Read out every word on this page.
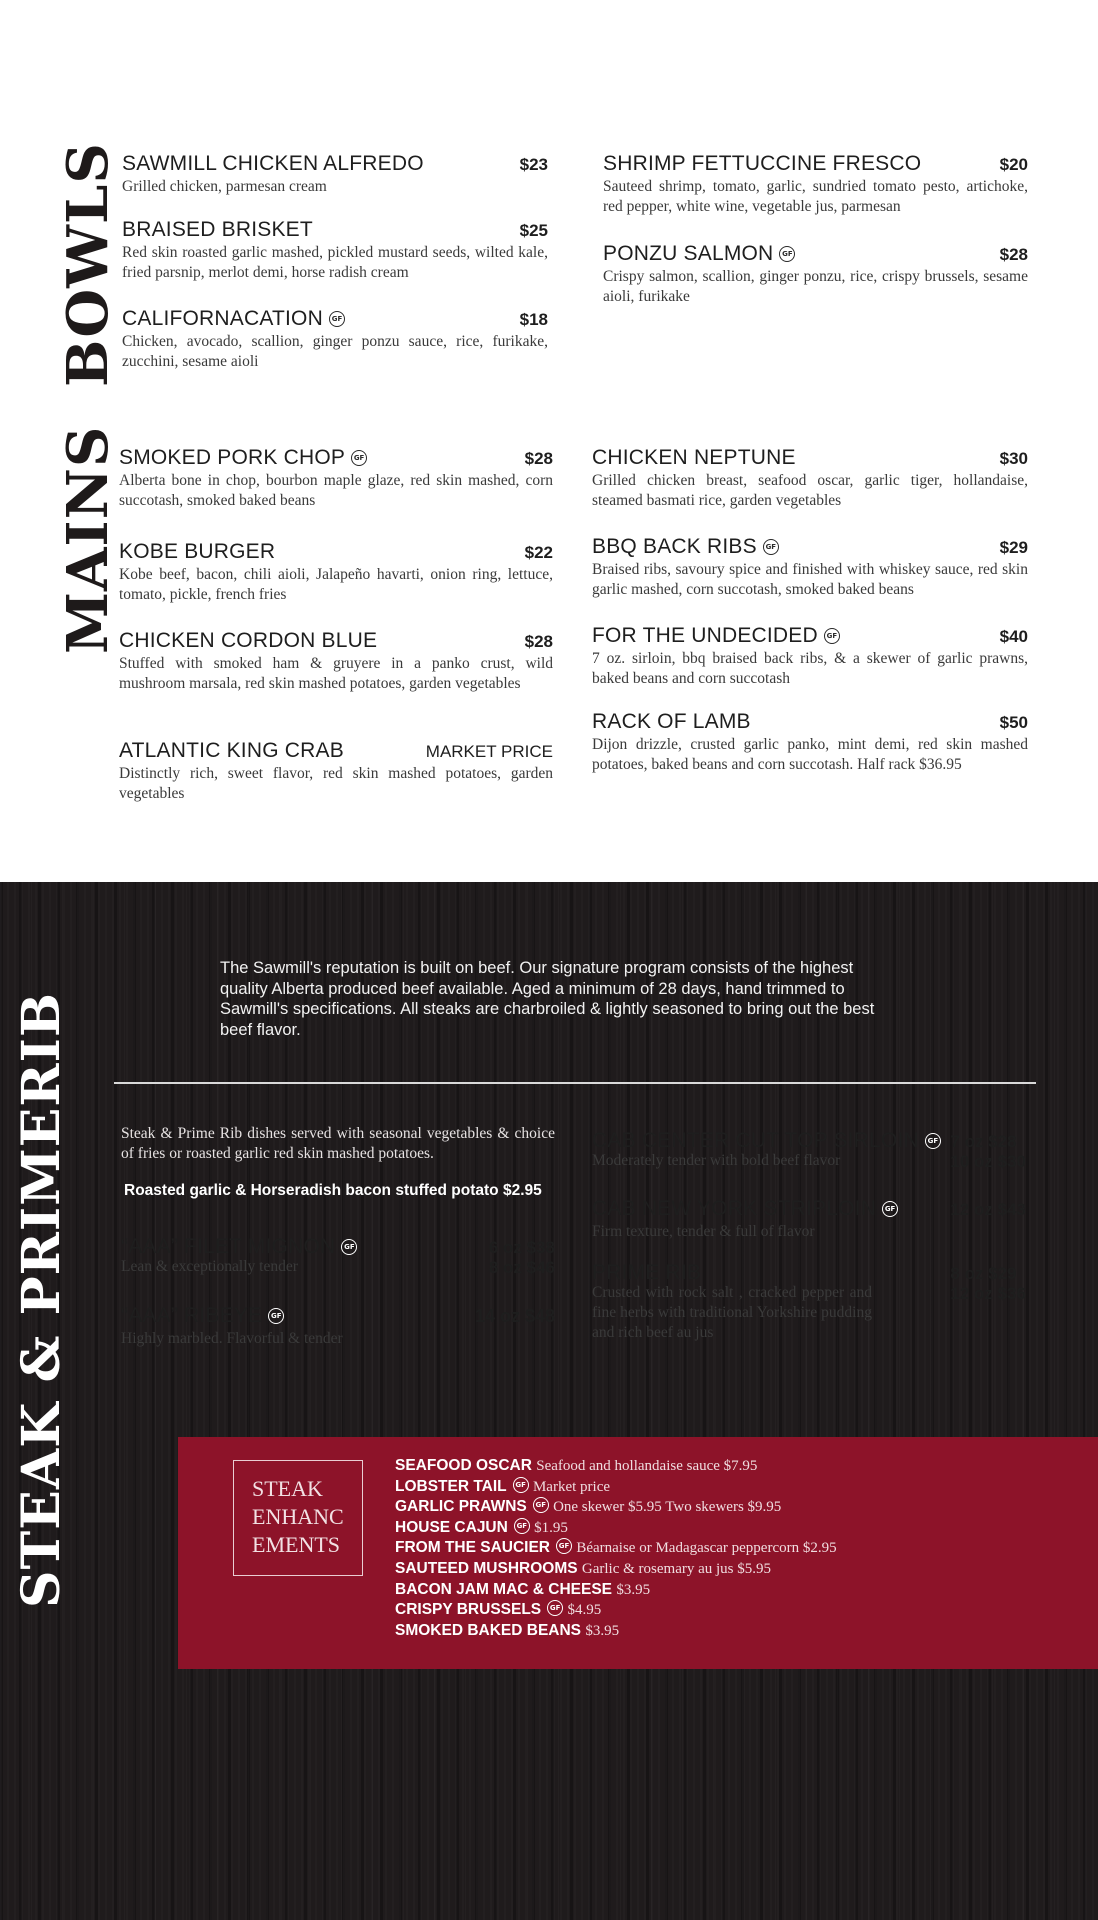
BOWLS SAWMILL CHICKEN ALFREDO	$23
Grilled chicken, parmesan cream
BRAISED BRISKET	$25
Red skin roasted garlic mashed, pickled mustard seeds, wilted kale, fried parsnip, merlot demi, horse radish cream
CALIFORNACATION GF	$18
Chicken, avocado, scallion, ginger ponzu sauce, rice, furikake, zucchini, sesame aioli
SHRIMP FETTUCCINE FRESCO	$20
Sauteed shrimp, tomato, garlic, sundried tomato pesto, artichoke, red pepper, white wine, vegetable jus, parmesan
PONZU SALMON GF	$28
Crispy salmon, scallion, ginger ponzu, rice, crispy brussels, sesame aioli, furikake
MAINS
SMOKED PORK CHOP GF	$28
Alberta bone in chop, bourbon maple glaze, red skin mashed, corn succotash, smoked baked beans
KOBE BURGER	$22
Kobe beef, bacon, chili aioli, Jalapeño havarti, onion ring, lettuce, tomato, pickle, french fries
CHICKEN CORDON BLUE	$28
Stuffed with smoked ham & gruyere in a panko crust, wild mushroom marsala, red skin mashed potatoes, garden vegetables
ATLANTIC KING CRAB	MARKET PRICE
Distinctly rich, sweet flavor, red skin mashed potatoes, garden vegetables
CHICKEN NEPTUNE	$30
Grilled chicken breast, seafood oscar, garlic tiger, hollandaise, steamed basmati rice, garden vegetables
BBQ BACK RIBS GF	$29
Braised ribs, savoury spice and finished with whiskey sauce, red skin garlic mashed, corn succotash, smoked baked beans
FOR THE UNDECIDED GF	$40
7 oz. sirloin, bbq braised back ribs, & a skewer of garlic prawns, baked beans and corn succotash
RACK OF LAMB	$50
Dijon drizzle, crusted garlic panko, mint demi, red skin mashed potatoes, baked beans and corn succotash. Half rack $36.95
The Sawmill's reputation is built on beef. Our signature program consists of the highest quality Alberta produced beef available. Aged a minimum of 28 days, hand trimmed to Sawmill's specifications. All steaks are charbroiled & lightly seasoned to bring out the best beef flavor.
STEAK & PRIMERIB	Steak & Prime Rib dishes served with seasonal vegetables & choice of fries or roasted garlic red skin mashed potatoes.
Roasted garlic & Horseradish bacon stuffed potato $2.95
“AAA” FILET MIGNON GF	6 oz $38
8 oz $46
Lean & exceptionally tender
“AAA” RIBEYE GF	14 oz $48
Highly marbled. Flavorful & tender
CAB CENTER CUT TOP SIRLOIN GF 7 oz $28
10 oz $30
Moderately tender with bold beef flavor
CAB NEW YORK STRIPLOIN GF	12 oz $43
Firm texture, tender & full of flavor
PRIME RIB	8 oz $29
12 oz $36
Crusted with rock salt , cracked pepper and fine herbs with traditional Yorkshire pudding and rich beef au jus
STEAK ENHANC EMENTS
SEAFOOD OSCAR Seafood and hollandaise sauce $7.95
LOBSTER TAIL GF Market price
GARLIC PRAWNS GF One skewer $5.95 Two skewers $9.95
HOUSE CAJUN GF $1.95
FROM THE SAUCIER GF Béarnaise or Madagascar peppercorn $2.95
SAUTEED MUSHROOMS Garlic & rosemary au jus $5.95
BACON JAM MAC & CHEESE $3.95
CRISPY BRUSSELS GF $4.95
SMOKED BAKED BEANS $3.95
